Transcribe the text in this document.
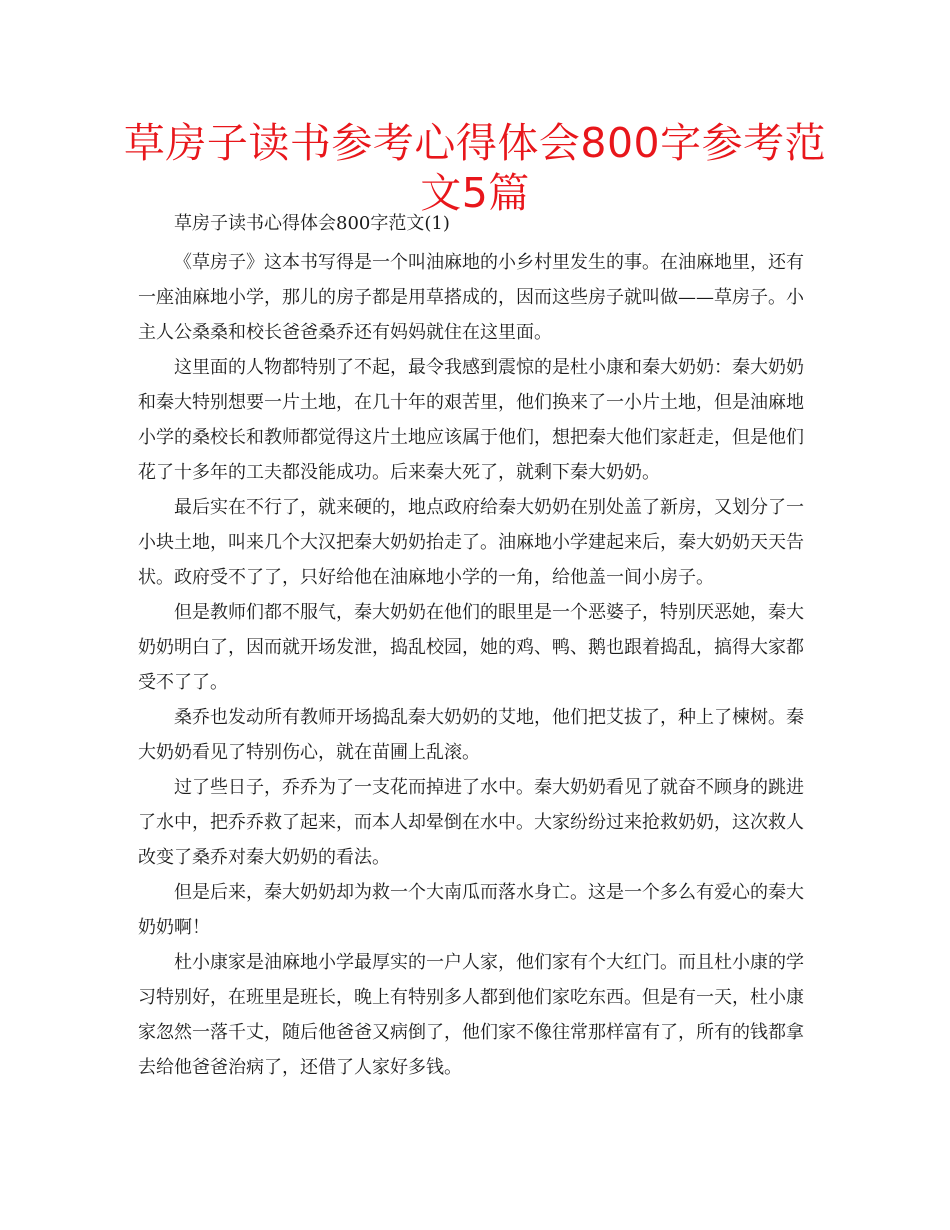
草房子读书参考心得体会800字参考范文5篇

草房子读书心得体会800字范文(1)

《草房子》这本书写得是一个叫油麻地的小乡村里发生的事。在油麻地里，还有一座油麻地小学，那儿的房子都是用草搭成的，因而这些房子就叫做——草房子。小主人公桑桑和校长爸爸桑乔还有妈妈就住在这里面。

这里面的人物都特别了不起，最令我感到震惊的是杜小康和秦大奶奶：秦大奶奶和秦大特别想要一片土地，在几十年的艰苦里，他们换来了一小片土地，但是油麻地小学的桑校长和教师都觉得这片土地应该属于他们，想把秦大他们家赶走，但是他们花了十多年的工夫都没能成功。后来秦大死了，就剩下秦大奶奶。

最后实在不行了，就来硬的，地点政府给秦大奶奶在别处盖了新房，又划分了一小块土地，叫来几个大汉把秦大奶奶抬走了。油麻地小学建起来后，秦大奶奶天天告状。政府受不了了，只好给他在油麻地小学的一角，给他盖一间小房子。

但是教师们都不服气，秦大奶奶在他们的眼里是一个恶婆子，特别厌恶她，秦大奶奶明白了，因而就开场发泄，捣乱校园，她的鸡、鸭、鹅也跟着捣乱，搞得大家都受不了了。

桑乔也发动所有教师开场捣乱秦大奶奶的艾地，他们把艾拔了，种上了楝树。秦大奶奶看见了特别伤心，就在苗圃上乱滚。

过了些日子，乔乔为了一支花而掉进了水中。秦大奶奶看见了就奋不顾身的跳进了水中，把乔乔救了起来，而本人却晕倒在水中。大家纷纷过来抢救奶奶，这次救人改变了桑乔对秦大奶奶的看法。

但是后来，秦大奶奶却为救一个大南瓜而落水身亡。这是一个多么有爱心的秦大奶奶啊！

杜小康家是油麻地小学最厚实的一户人家，他们家有个大红门。而且杜小康的学习特别好，在班里是班长，晚上有特别多人都到他们家吃东西。但是有一天，杜小康家忽然一落千丈，随后他爸爸又病倒了，他们家不像往常那样富有了，所有的钱都拿去给他爸爸治病了，还借了人家好多钱。
